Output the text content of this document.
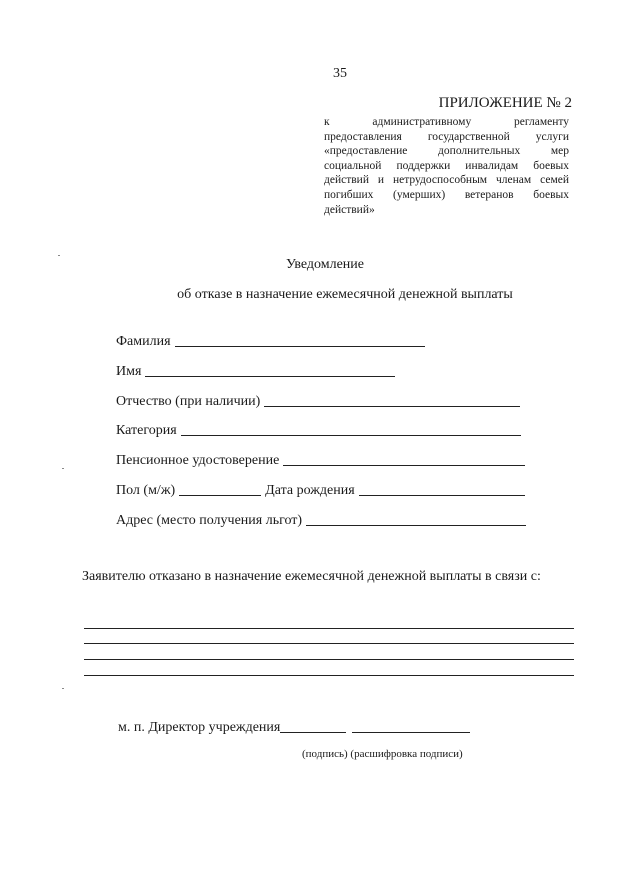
35
ПРИЛОЖЕНИЕ № 2
к административному регламенту
предоставления государственной услуги
«предоставление дополнительных мер
социальной поддержки инвалидам боевых
действий и нетрудоспособным членам семей
погибших (умерших) ветеранов боевых
действий»
Уведомление
об отказе в назначение ежемесячной денежной выплаты
Фамилия
Имя
Отчество (при наличии)
Категория
Пенсионное удостоверение
Пол (м/ж)	Дата рождения
Адрес (место получения льгот)
Заявителю отказано в назначение ежемесячной денежной выплаты в связи с:
м. п. Директор учреждения
(подпись) (расшифровка подписи)
